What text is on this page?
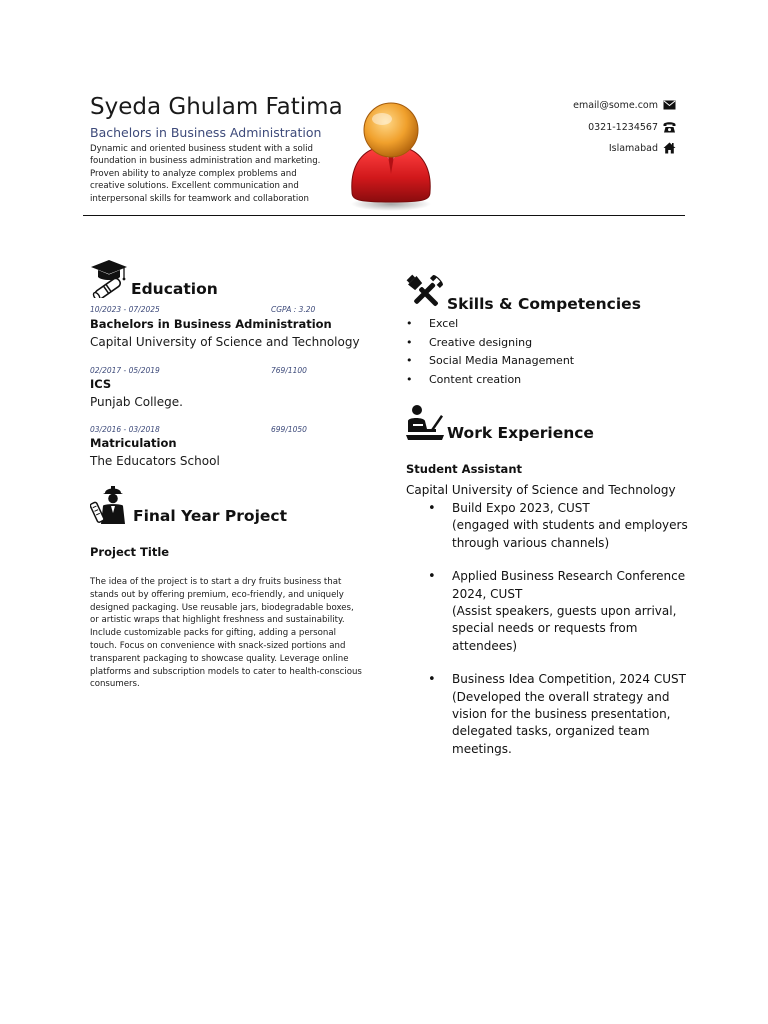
Syeda Ghulam Fatima
Bachelors in Business Administration
Dynamic and oriented business student with a solid foundation in business administration and marketing. Proven ability to analyze complex problems and creative solutions. Excellent communication and interpersonal skills for teamwork and collaboration
email@some.com
0321-1234567
Islamabad
Education
10/2023 - 07/2025	CGPA : 3.20
Bachelors in Business Administration
Capital University of Science and Technology
02/2017 - 05/2019	769/1100
ICS
Punjab College.
03/2016 - 03/2018	699/1050
Matriculation
The Educators School
Final Year Project
Project Title
The idea of the project is to start a dry fruits business that stands out by offering premium, eco-friendly, and uniquely designed packaging. Use reusable jars, biodegradable boxes, or artistic wraps that highlight freshness and sustainability. Include customizable packs for gifting, adding a personal touch. Focus on convenience with snack-sized portions and transparent packaging to showcase quality. Leverage online platforms and subscription models to cater to health-conscious consumers.
Skills & Competencies
• Excel
• Creative designing
• Social Media Management
• Content creation
Work Experience
Student Assistant
Capital University of Science and Technology
• Build Expo 2023, CUST
(engaged with students and employers through various channels)
• Applied Business Research Conference 2024, CUST
(Assist speakers, guests upon arrival, special needs or requests from attendees)
• Business Idea Competition, 2024 CUST
(Developed the overall strategy and vision for the business presentation, delegated tasks, organized team meetings.
